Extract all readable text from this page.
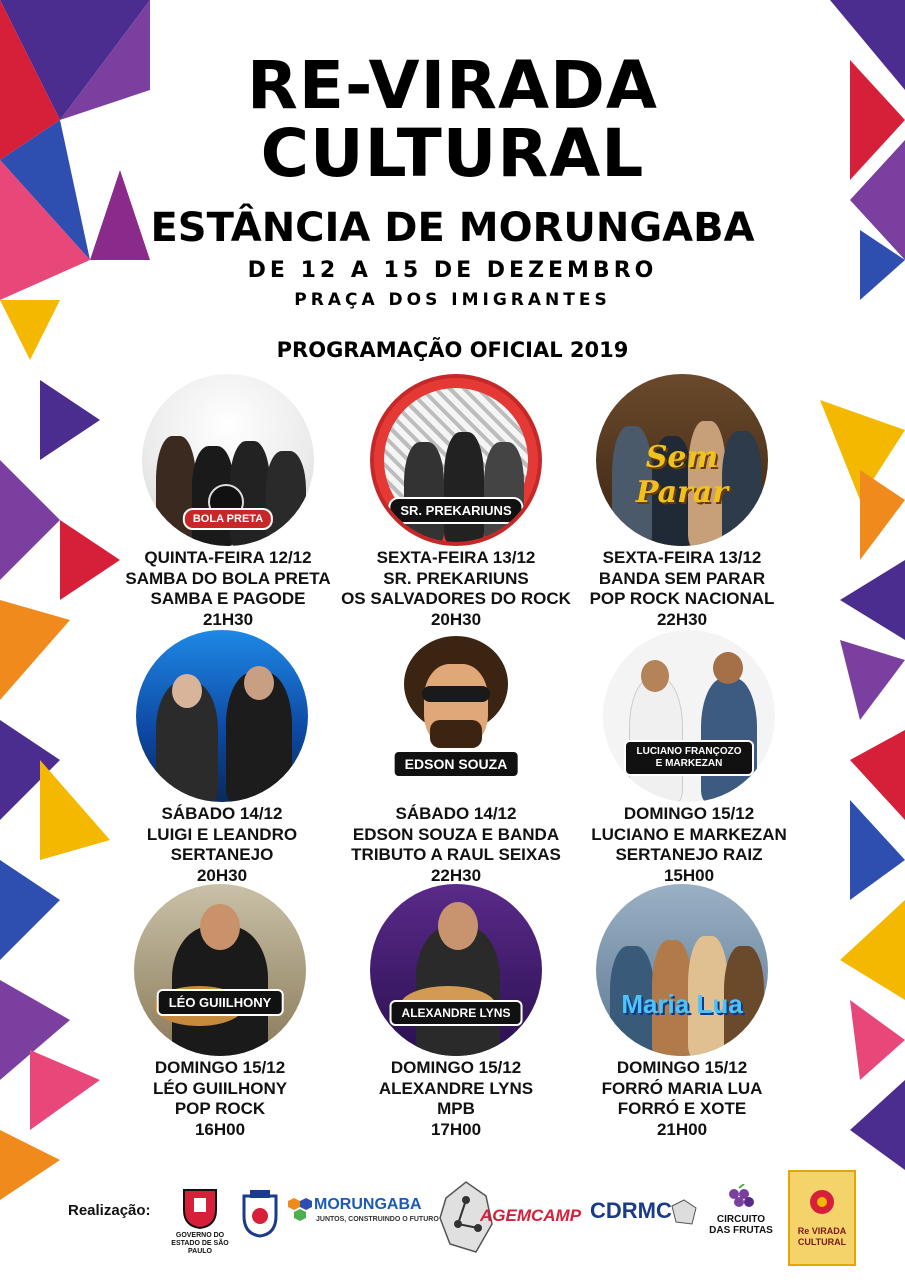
RE-VIRADA
CULTURAL
ESTÂNCIA DE MORUNGABA
DE 12 A 15 DE DEZEMBRO
PRAÇA DOS IMIGRANTES
PROGRAMAÇÃO OFICIAL 2019
BOLA PRETA
QUINTA-FEIRA 12/12
SAMBA DO BOLA PRETA
SAMBA E PAGODE
21H30
SR. PREKARIUNS
SEXTA-FEIRA 13/12
SR. PREKARIUNS
OS SALVADORES DO ROCK
20H30
Sem Parar
SEXTA-FEIRA 13/12
BANDA SEM PARAR
POP ROCK NACIONAL
22H30
SÁBADO 14/12
LUIGI E LEANDRO
SERTANEJO
20H30
EDSON SOUZA
SÁBADO 14/12
EDSON SOUZA E BANDA
TRIBUTO A RAUL SEIXAS
22H30
LUCIANO FRANÇOZO E MARKEZAN
DOMINGO 15/12
LUCIANO E MARKEZAN
SERTANEJO RAIZ
15H00
LÉO GUIILHONY
DOMINGO 15/12
LÉO GUIILHONY
POP ROCK
16H00
ALEXANDRE LYNS
DOMINGO 15/12
ALEXANDRE LYNS
MPB
17H00
Maria Lua
DOMINGO 15/12
FORRÓ MARIA LUA
FORRÓ E XOTE
21H00
Realização:
GOVERNO DO ESTADO DE SÃO PAULO
MORUNGABA
JUNTOS, CONSTRUINDO O FUTURO AGEMCAMP CDRMC	CIRCUITO DAS FRUTAS	Re VIRADA CULTURAL
